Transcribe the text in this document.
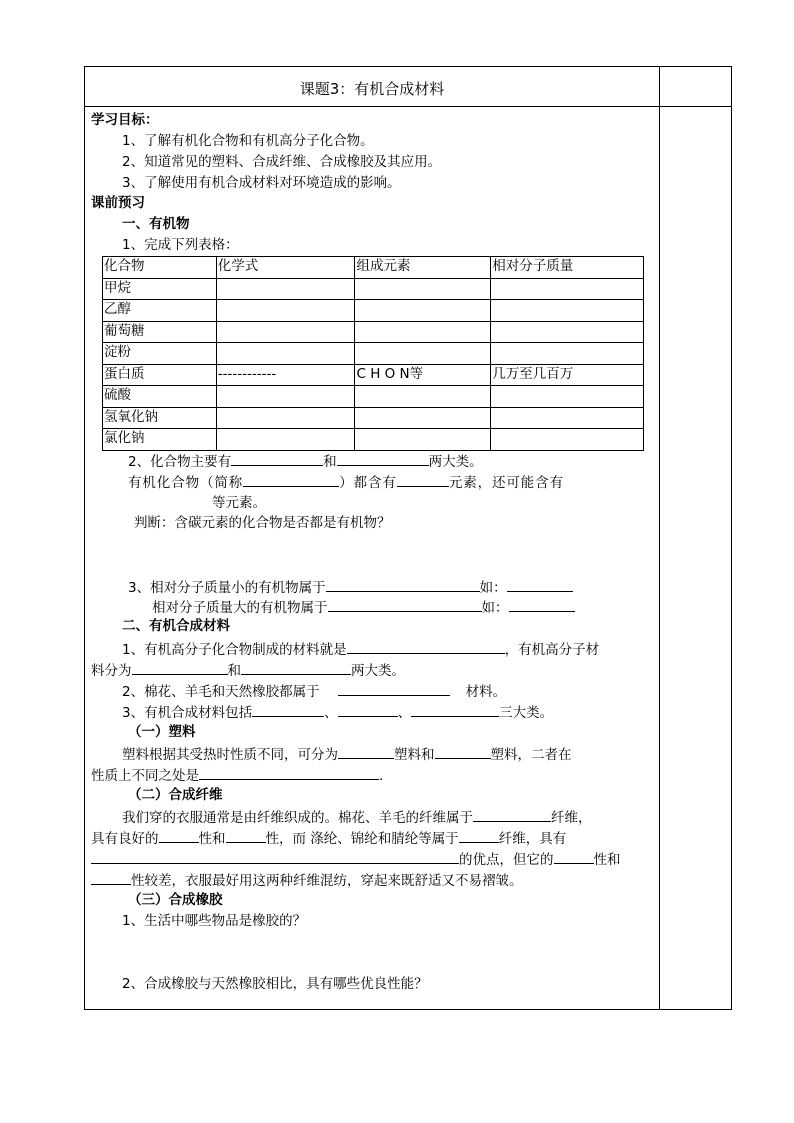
课题3：有机合成材料
学习目标：
1、了解有机化合物和有机高分子化合物。
2、知道常见的塑料、合成纤维、合成橡胶及其应用。
3、了解使用有机合成材料对环境造成的影响。
课前预习
一、有机物
1、完成下列表格：
化合物	化学式	组成元素	相对分子质量
甲烷			
乙醇			
葡萄糖			
淀粉			
蛋白质	------------	C H O N等	几万至几百万
硫酸			
氢氧化钠			
氯化钠			
2、化合物主要有	和	两大类。
有机化合物（简称	）都含有	元素，还可能含有
等元素。
判断：含碳元素的化合物是否都是有机物？
3、相对分子质量小的有机物属于	如：
相对分子质量大的有机物属于	如：
二、有机合成材料
1、有机高分子化合物制成的材料就是	，有机高分子材
料分为	和	两大类。
2、棉花、羊毛和天然橡胶都属于	材料。
3、有机合成材料包括	、	、	三大类。
（一）塑料
塑料根据其受热时性质不同，可分为	塑料和	塑料，二者在
性质上不同之处是	.
（二）合成纤维
我们穿的衣服通常是由纤维织成的。棉花、羊毛的纤维属于	纤维，
具有良好的	性和	性，而 涤纶、锦纶和腈纶等属于	纤维，具有
的优点，但它的	性和
性较差，衣服最好用这两种纤维混纺，穿起来既舒适又不易褶皱。
（三）合成橡胶
1、生活中哪些物品是橡胶的？
2、合成橡胶与天然橡胶相比，具有哪些优良性能？
